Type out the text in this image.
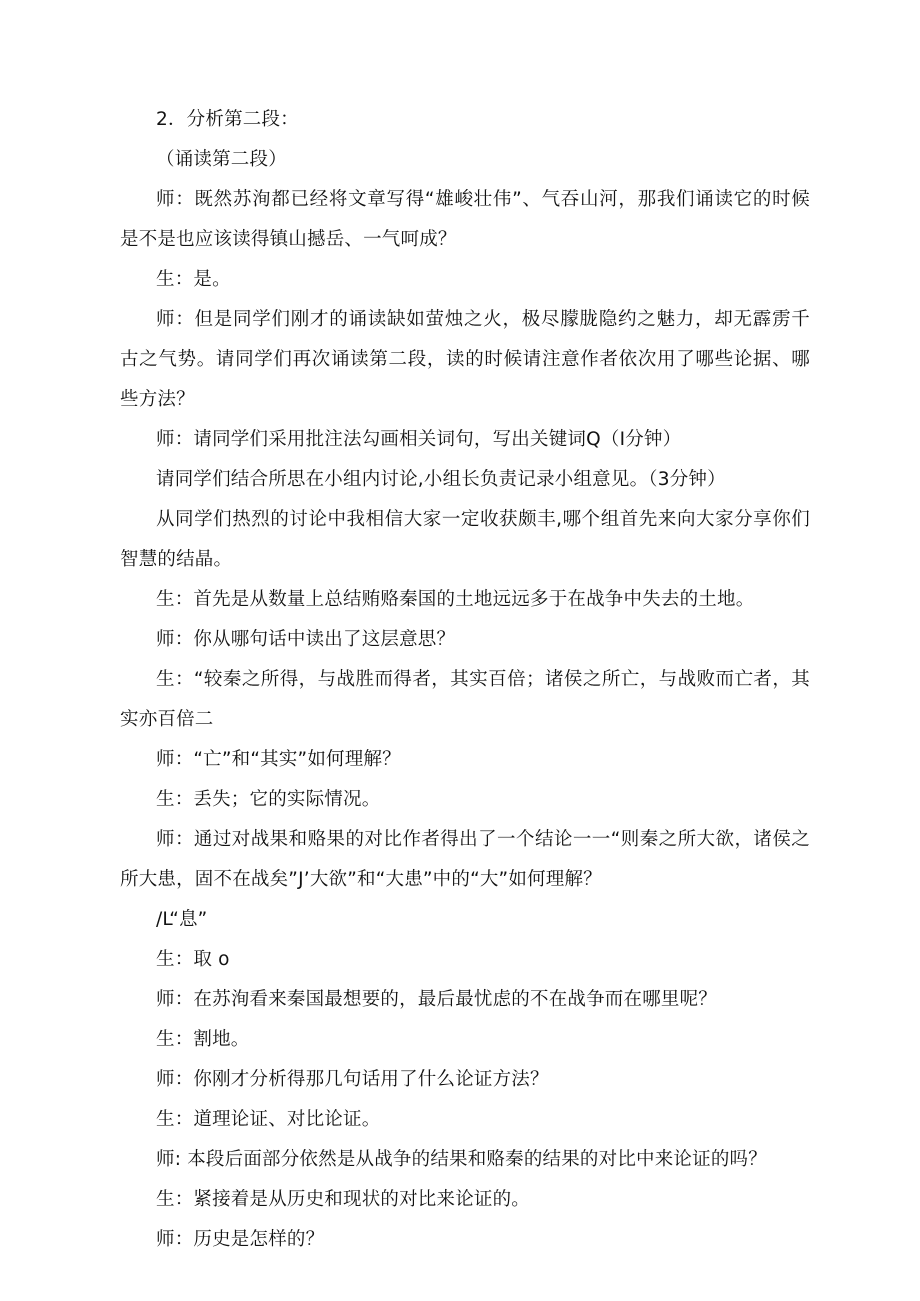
2．分析第二段：

（诵读第二段）

师：既然苏洵都已经将文章写得“雄峻壮伟”、气吞山河，那我们诵读它的时候是不是也应该读得镇山撼岳、一气呵成？

生：是。

师：但是同学们刚才的诵读缺如萤烛之火，极尽朦胧隐约之魅力，却无霹雳千古之气势。请同学们再次诵读第二段，读的时候请注意作者依次用了哪些论据、哪些方法？

师：请同学们采用批注法勾画相关词句，写出关键词Q（Ⅰ分钟）

请同学们结合所思在小组内讨论,小组长负责记录小组意见。（3分钟）

从同学们热烈的讨论中我相信大家一定收获颇丰,哪个组首先来向大家分享你们智慧的结晶。

生：首先是从数量上总结贿赂秦国的土地远远多于在战争中失去的土地。

师：你从哪句话中读出了这层意思？

生：“较秦之所得，与战胜而得者，其实百倍；诸侯之所亡，与战败而亡者，其实亦百倍二

师：“亡”和“其实”如何理解？

生：丢失；它的实际情况。

师：通过对战果和赂果的对比作者得出了一个结论一一“则秦之所大欲，诸侯之所大患，固不在战矣”J’大欲”和“大患”中的“大”如何理解？

/L“息”

生：取 o

师：在苏洵看来秦国最想要的，最后最忧虑的不在战争而在哪里呢？

生：割地。

师：你刚才分析得那几句话用了什么论证方法？

生：道理论证、对比论证。

师: 本段后面部分依然是从战争的结果和赂秦的结果的对比中来论证的吗？

生：紧接着是从历史和现状的对比来论证的。

师：历史是怎样的？
